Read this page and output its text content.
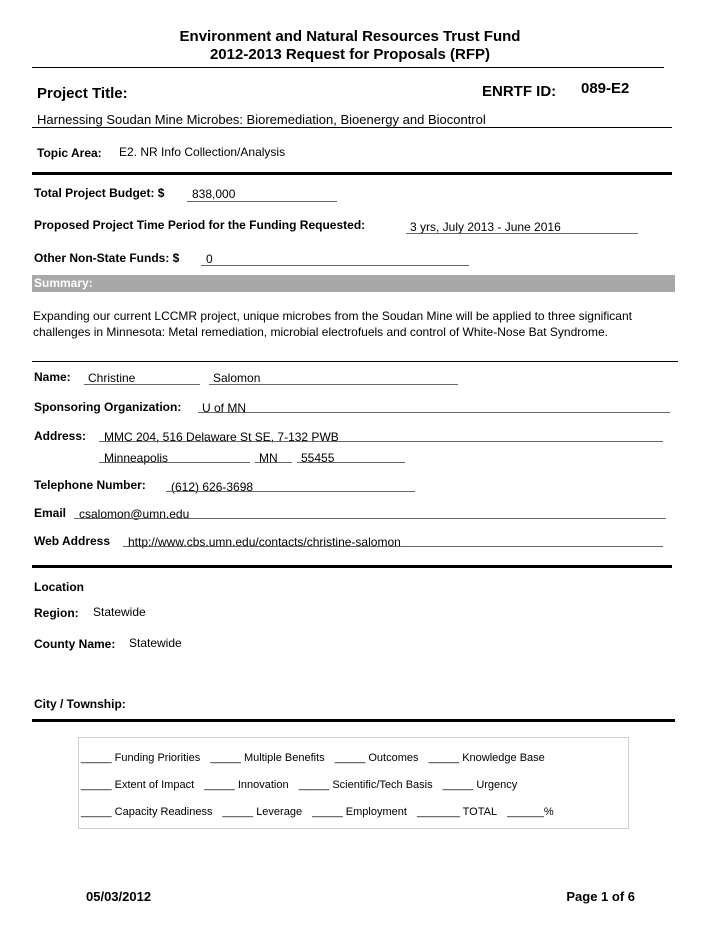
Environment and Natural Resources Trust Fund
2012-2013 Request for Proposals (RFP)
Project Title:	ENRTF ID: 089-E2
Harnessing Soudan Mine Microbes: Bioremediation, Bioenergy and Biocontrol
Topic Area: E2. NR Info Collection/Analysis
Total Project Budget: $ 838,000
Proposed Project Time Period for the Funding Requested:	3 yrs, July 2013 - June 2016
Other Non-State Funds: $ 0
Summary:
Expanding our current LCCMR project, unique microbes from the Soudan Mine will be applied to three significant challenges in Minnesota: Metal remediation, microbial electrofuels and control of White-Nose Bat Syndrome.
Name: Christine	Salomon
Sponsoring Organization: U of MN
Address: MMC 204, 516 Delaware St SE, 7-132 PWB
Minneapolis	MN 55455
Telephone Number: (612) 626-3698
Email csalomon@umn.edu
Web Address http://www.cbs.umn.edu/contacts/christine-salomon
Location
Region: Statewide
County Name: Statewide
City / Township:
_____ Funding Priorities _____ Multiple Benefits _____ Outcomes _____ Knowledge Base
_____ Extent of Impact _____ Innovation _____ Scientific/Tech Basis _____ Urgency
_____ Capacity Readiness _____ Leverage _____ Employment _______ TOTAL ______%
05/03/2012	Page 1 of 6
